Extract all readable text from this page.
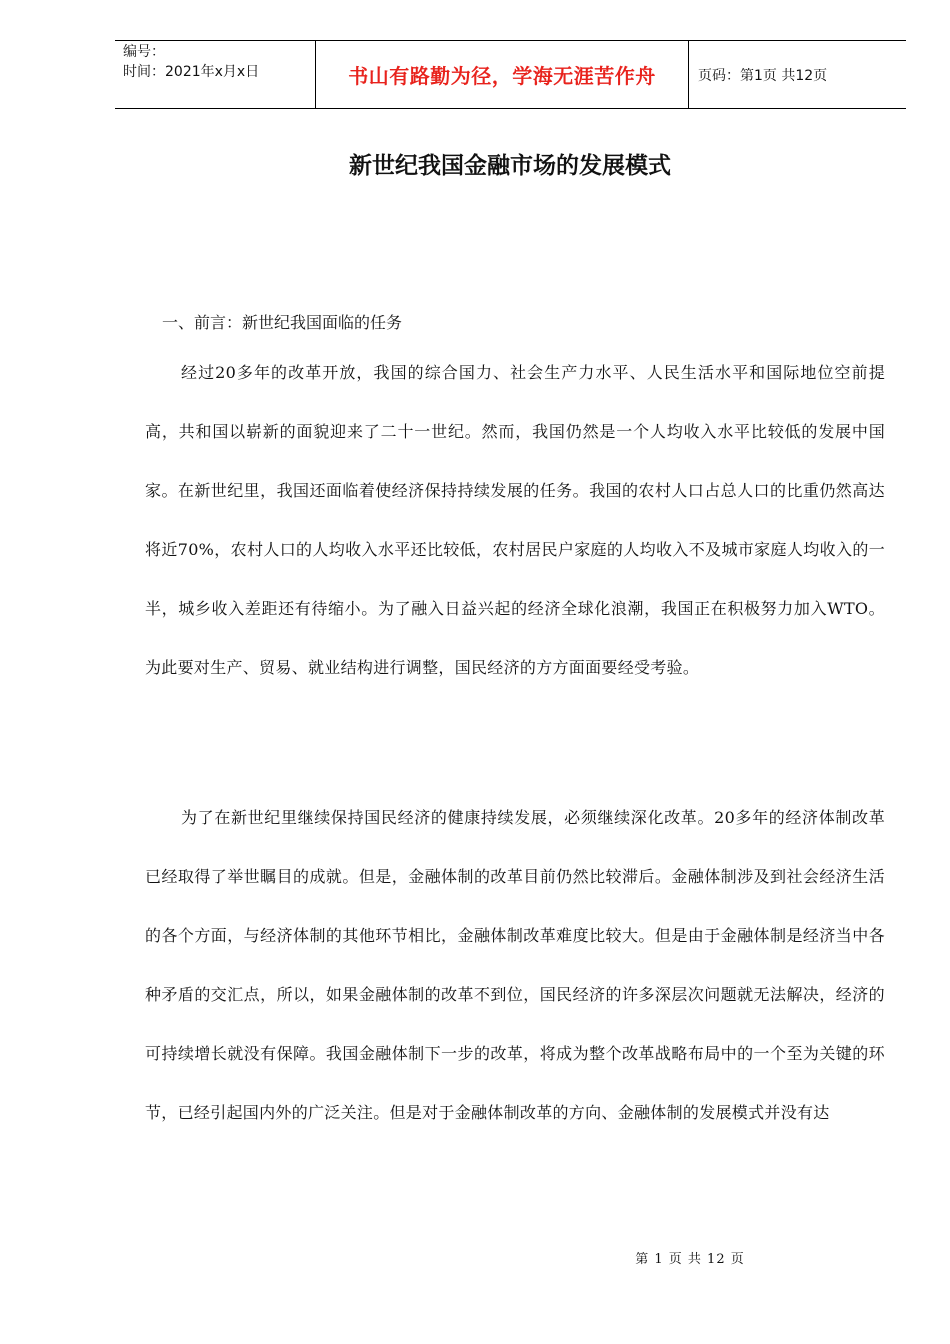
编号：
时间：2021年x月x日	书山有路勤为径，学海无涯苦作舟	页码：第1页 共12页
新世纪我国金融市场的发展模式

一、前言：新世纪我国面临的任务

经过20多年的改革开放，我国的综合国力、社会生产力水平、人民生活水平和国际地位空前提高，共和国以崭新的面貌迎来了二十一世纪。然而，我国仍然是一个人均收入水平比较低的发展中国家。在新世纪里，我国还面临着使经济保持持续发展的任务。我国的农村人口占总人口的比重仍然高达将近70%，农村人口的人均收入水平还比较低，农村居民户家庭的人均收入不及城市家庭人均收入的一半，城乡收入差距还有待缩小。为了融入日益兴起的经济全球化浪潮，我国正在积极努力加入WTO。为此要对生产、贸易、就业结构进行调整，国民经济的方方面面要经受考验。

为了在新世纪里继续保持国民经济的健康持续发展，必须继续深化改革。20多年的经济体制改革已经取得了举世瞩目的成就。但是，金融体制的改革目前仍然比较滞后。金融体制涉及到社会经济生活的各个方面，与经济体制的其他环节相比，金融体制改革难度比较大。但是由于金融体制是经济当中各种矛盾的交汇点，所以，如果金融体制的改革不到位，国民经济的许多深层次问题就无法解决，经济的可持续增长就没有保障。我国金融体制下一步的改革，将成为整个改革战略布局中的一个至为关键的环节，已经引起国内外的广泛关注。但是对于金融体制改革的方向、金融体制的发展模式并没有达

第 1 页 共 12 页
